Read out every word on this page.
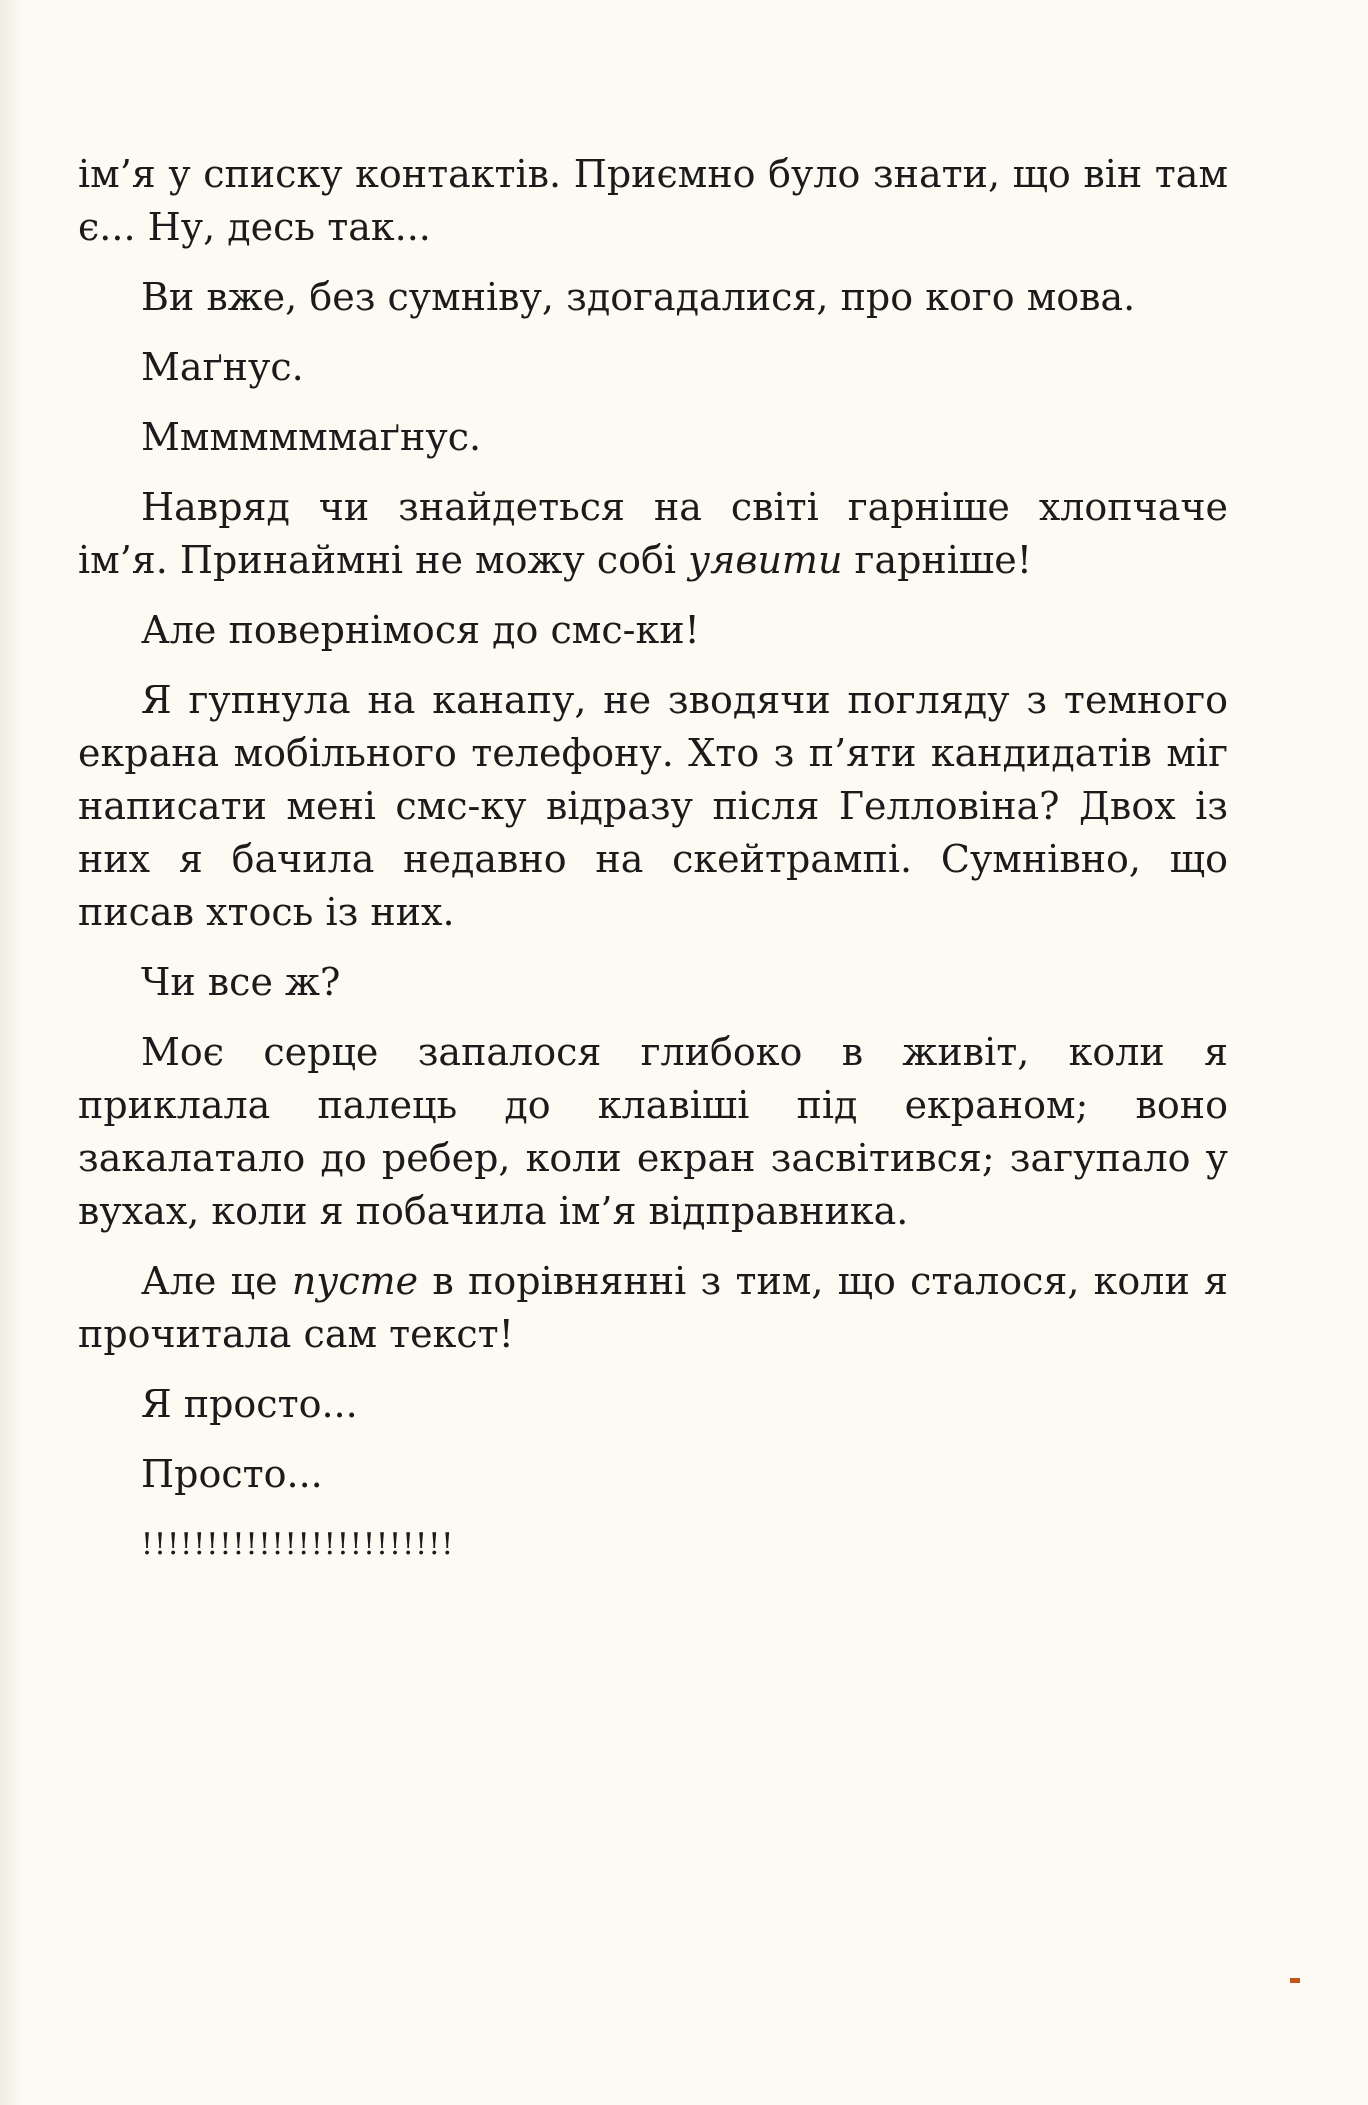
ім’я у списку контактів. Приємно було знати, що він там є... Ну, десь так...

Ви вже, без сумніву, здогадалися, про кого мова.

Маґнус.

Мммммммаґнус.

Навряд чи знайдеться на світі гарніше хлопчаче ім’я. Принаймні не можу собі уявити гарніше!

Але повернімося до смс-ки!

Я гупнула на канапу, не зводячи погляду з темного екрана мобільного телефону. Хто з п’яти кандидатів міг написати мені смс-ку відразу після Гелловіна? Двох із них я бачила недавно на скейтрампі. Сумнівно, що писав хтось із них.

Чи все ж?

Моє серце запалося глибоко в живіт, коли я приклала палець до клавіші під екраном; воно закалатало до ребер, коли екран засвітився; загупало у вухах, коли я побачила ім’я відправника.

Але це пусте в порівнянні з тим, що сталося, коли я прочитала сам текст!

Я просто...

Просто...

!!!!!!!!!!!!!!!!!!!!!!!!
